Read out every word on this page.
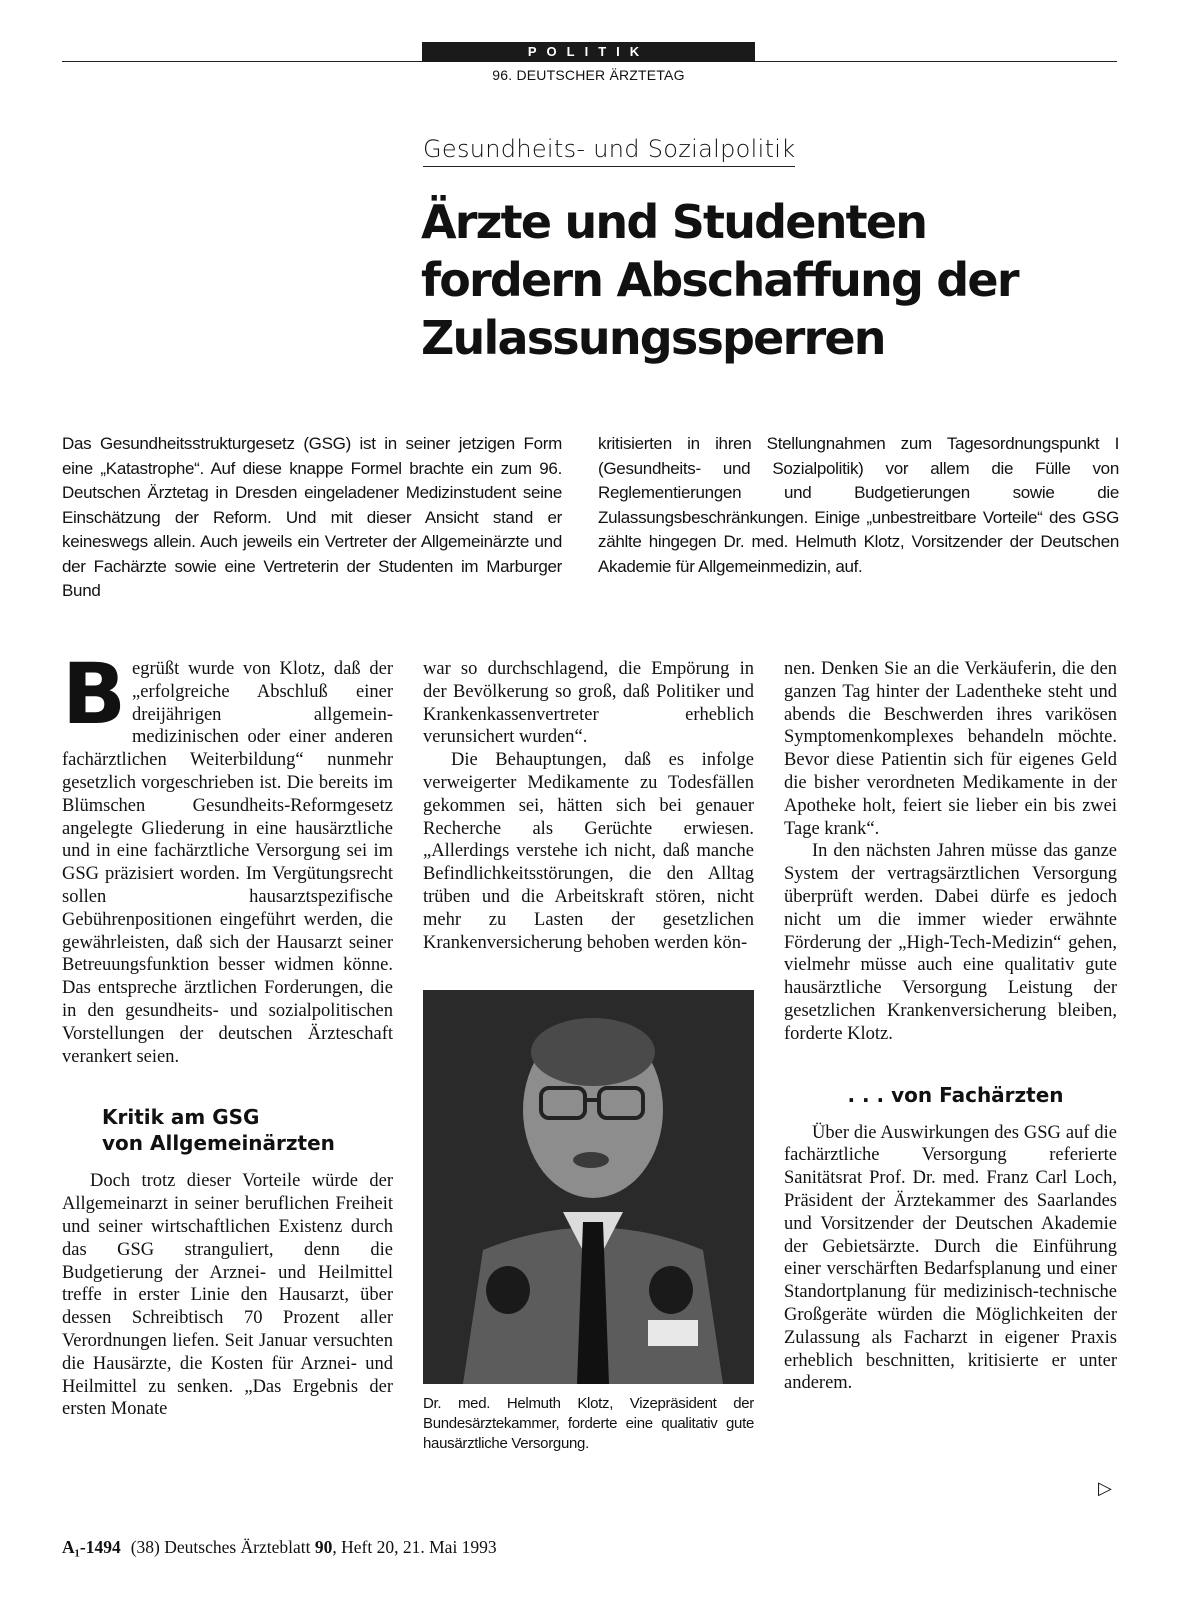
POLITIK
96. DEUTSCHER ÄRZTETAG
Gesundheits- und Sozialpolitik
Ärzte und Studenten fordern Abschaffung der Zulassungssperren

Das Gesundheitsstrukturgesetz (GSG) ist in seiner jetzigen Form eine „Katastrophe“. Auf diese knappe Formel brachte ein zum 96. Deutschen Ärztetag in Dresden eingeladener Medizinstudent seine Einschätzung der Reform. Und mit dieser Ansicht stand er keineswegs allein. Auch jeweils ein Vertreter der Allgemeinärzte und der Fachärzte sowie eine Vertreterin der Studenten im Marburger Bund

kritisierten in ihren Stellungnahmen zum Tagesordnungspunkt I (Gesundheits- und Sozialpolitik) vor allem die Fülle von Reglementierungen und Budgetierungen sowie die Zulassungsbeschränkungen. Einige „unbestreitbare Vorteile“ des GSG zählte hingegen Dr. med. Helmuth Klotz, Vorsitzender der Deutschen Akademie für Allgemeinmedizin, auf.

Begrüßt wurde von Klotz, daß der „erfolgreiche Abschluß einer dreijährigen allgemeinmedizinischen oder einer anderen fachärztlichen Weiterbildung“ nunmehr gesetzlich vorgeschrieben ist. Die bereits im Blümschen Gesundheits-Reformgesetz angelegte Gliederung in eine hausärztliche und in eine fachärztliche Versorgung sei im GSG präzisiert worden. Im Vergütungsrecht sollen hausarztspezifische Gebührenpositionen eingeführt werden, die gewährleisten, daß sich der Hausarzt seiner Betreuungsfunktion besser widmen könne. Das entspreche ärztlichen Forderungen, die in den gesundheits- und sozialpolitischen Vorstellungen der deutschen Ärzteschaft verankert seien.

Kritik am GSG
von Allgemeinärzten

Doch trotz dieser Vorteile würde der Allgemeinarzt in seiner beruflichen Freiheit und seiner wirtschaftlichen Existenz durch das GSG stranguliert, denn die Budgetierung der Arznei- und Heilmittel treffe in erster Linie den Hausarzt, über dessen Schreibtisch 70 Prozent aller Verordnungen liefen. Seit Januar versuchten die Hausärzte, die Kosten für Arznei- und Heilmittel zu senken. „Das Ergebnis der ersten Monate

war so durchschlagend, die Empörung in der Bevölkerung so groß, daß Politiker und Krankenkassenvertreter erheblich verunsichert wurden“.

Die Behauptungen, daß es infolge verweigerter Medikamente zu Todesfällen gekommen sei, hätten sich bei genauer Recherche als Gerüchte erwiesen. „Allerdings verstehe ich nicht, daß manche Befindlichkeitsstörungen, die den Alltag trüben und die Arbeitskraft stören, nicht mehr zu Lasten der gesetzlichen Krankenversicherung behoben werden kön-

Dr. med. Helmuth Klotz, Vizepräsident der Bundesärztekammer, forderte eine qualitativ gute hausärztliche Versorgung.

nen. Denken Sie an die Verkäuferin, die den ganzen Tag hinter der Ladentheke steht und abends die Beschwerden ihres varikösen Symptomenkomplexes behandeln möchte. Bevor diese Patientin sich für eigenes Geld die bisher verordneten Medikamente in der Apotheke holt, feiert sie lieber ein bis zwei Tage krank“.

In den nächsten Jahren müsse das ganze System der vertragsärztlichen Versorgung überprüft werden. Dabei dürfe es jedoch nicht um die immer wieder erwähnte Förderung der „High-Tech-Medizin“ gehen, vielmehr müsse auch eine qualitativ gute hausärztliche Versorgung Leistung der gesetzlichen Krankenversicherung bleiben, forderte Klotz.

. . . von Fachärzten

Über die Auswirkungen des GSG auf die fachärztliche Versorgung referierte Sanitätsrat Prof. Dr. med. Franz Carl Loch, Präsident der Ärztekammer des Saarlandes und Vorsitzender der Deutschen Akademie der Gebietsärzte. Durch die Einführung einer verschärften Bedarfsplanung und einer Standortplanung für medizinisch-technische Großgeräte würden die Möglichkeiten der Zulassung als Facharzt in eigener Praxis erheblich beschnitten, kritisierte er unter anderem.

▷
A₁-1494 (38) Deutsches Ärzteblatt 90, Heft 20, 21. Mai 1993
